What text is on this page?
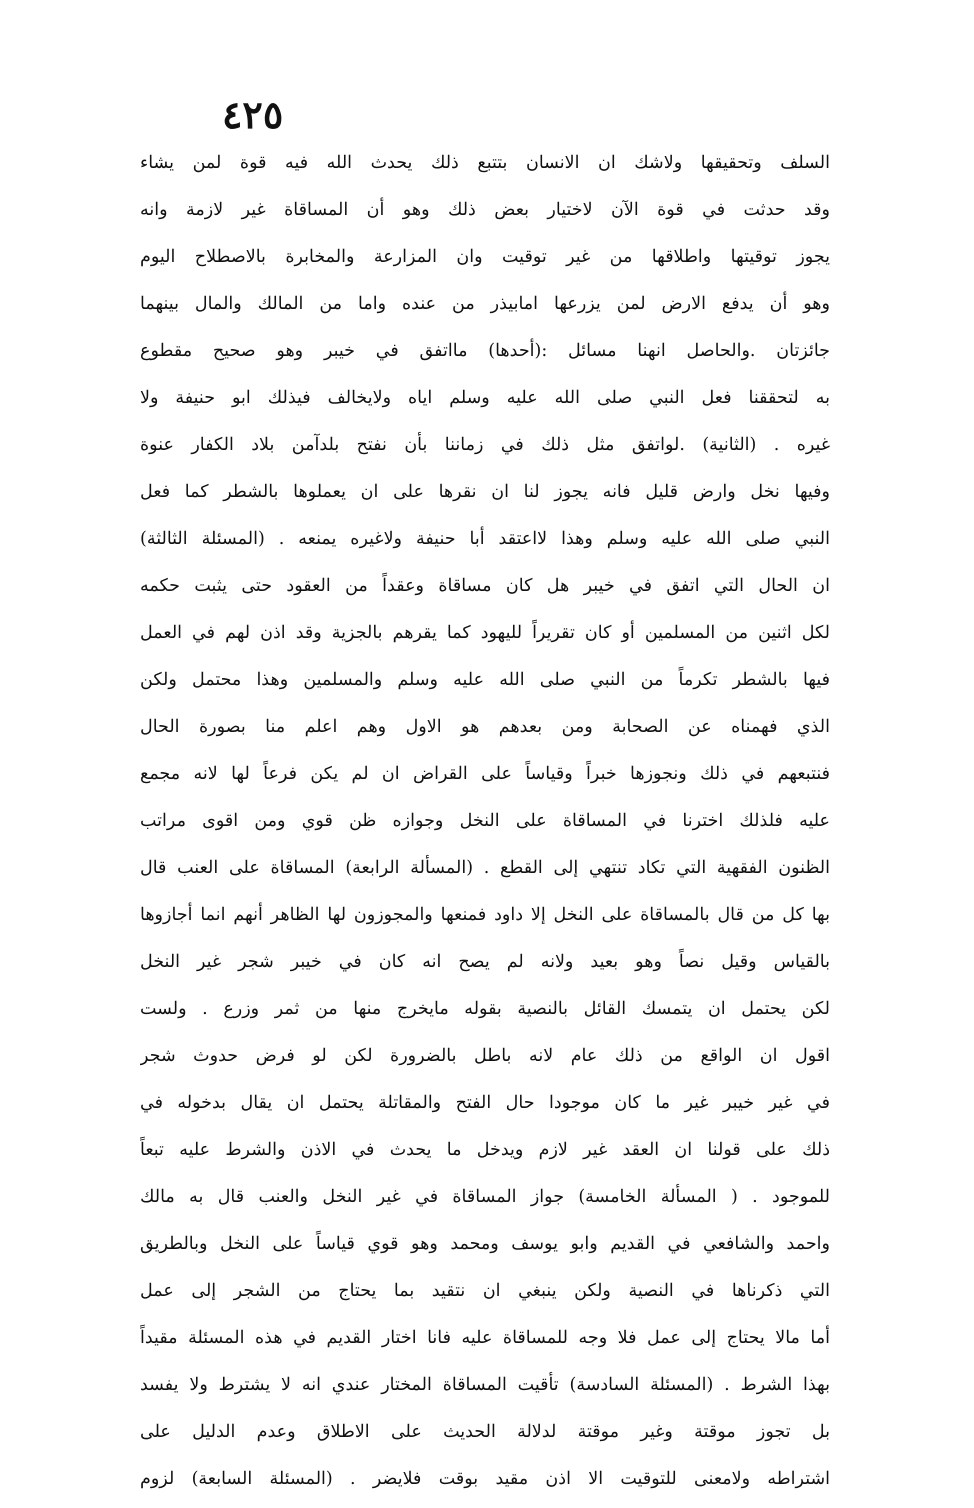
٤٢٥
السلف وتحقيقها ولاشك ان الانسان بتتبع ذلك يحدث الله فيه قوة لمن يشاء
وقد حدثت في قوة الآن لاختيار بعض ذلك وهو أن المساقاة غير لازمة وانه
يجوز توقيتها واطلاقها من غير توقيت وان المزارعة والمخابرة بالاصطلاح اليوم
وهو أن يدفع الارض لمن يزرعها امابيذر من عنده واما من المالك والمال بينهما
جائزتان .والحاصل انهنا مسائل :(أحدها) مااتفق في خيبر وهو صحيح مقطوع
به لتحققنا فعل النبي صلى الله عليه وسلم اياه ولايخالف فيذلك ابو حنيفة ولا
غيره . (الثانية) .لواتفق مثل ذلك في زماننا بأن نفتح بلدآمن بلاد الكفار عنوة
وفيها نخل وارض قليل فانه يجوز لنا ان نقرها على ان يعملوها بالشطر كما فعل
النبي صلى الله عليه وسلم وهذا لااعتقد أبا حنيفة ولاغيره يمنعه . (المسئلة الثالثة)
ان الحال التي اتفق في خيبر هل كان مساقاة وعقداً من العقود حتى يثبت حكمه
لكل اثنين من المسلمين أو كان تقريراً لليهود كما يقرهم بالجزية وقد اذن لهم في العمل
فيها بالشطر تكرماً من النبي صلى الله عليه وسلم والمسلمين وهذا محتمل ولكن
الذي فهمناه عن الصحابة ومن بعدهم هو الاول وهم اعلم منا بصورة الحال
فنتبعهم في ذلك ونجوزها خبراً وقياساً على القراض ان لم يكن فرعاً لها لانه مجمع
عليه فلذلك اخترنا في المساقاة على النخل وجوازه ظن قوي ومن اقوى مراتب
الظنون الفقهية التي تكاد تنتهي إلى القطع . (المسألة الرابعة) المساقاة على العنب قال
بها كل من قال بالمساقاة على النخل إلا داود فمنعها والمجوزون لها الظاهر أنهم انما أجازوها
بالقياس وقيل نصاً وهو بعيد ولانه لم يصح انه كان في خيبر شجر غير النخل
لكن يحتمل ان يتمسك القائل بالنصية بقوله مايخرج منها من ثمر وزرع . ولست
اقول ان الواقع من ذلك عام لانه باطل بالضرورة لكن لو فرض حدوث شجر
في غير خيبر غير ما كان موجودا حال الفتح والمقاتلة يحتمل ان يقال بدخوله في
ذلك على قولنا ان العقد غير لازم ويدخل ما يحدث في الاذن والشرط عليه تبعاً
للموجود . ( المسألة الخامسة) جواز المساقاة في غير النخل والعنب قال به مالك
واحمد والشافعي في القديم وابو يوسف ومحمد وهو قوي قياساً على النخل وبالطريق
التي ذكرناها في النصية ولكن ينبغي ان نتقيد بما يحتاج من الشجر إلى عمل
أما مالا يحتاج إلى عمل فلا وجه للمساقاة عليه فانا اختار القديم في هذه المسئلة مقيداً
بهذا الشرط . (المسئلة السادسة) تأقيت المساقاة المختار عندي انه لا يشترط ولا يفسد
بل تجوز موقتة وغير موقتة لدلالة الحديث على الاطلاق وعدم الدليل على
اشتراطه ولامعنى للتوقيت الا اذن مقيد بوقت فلايضر . (المسئلة السابعة) لزوم
